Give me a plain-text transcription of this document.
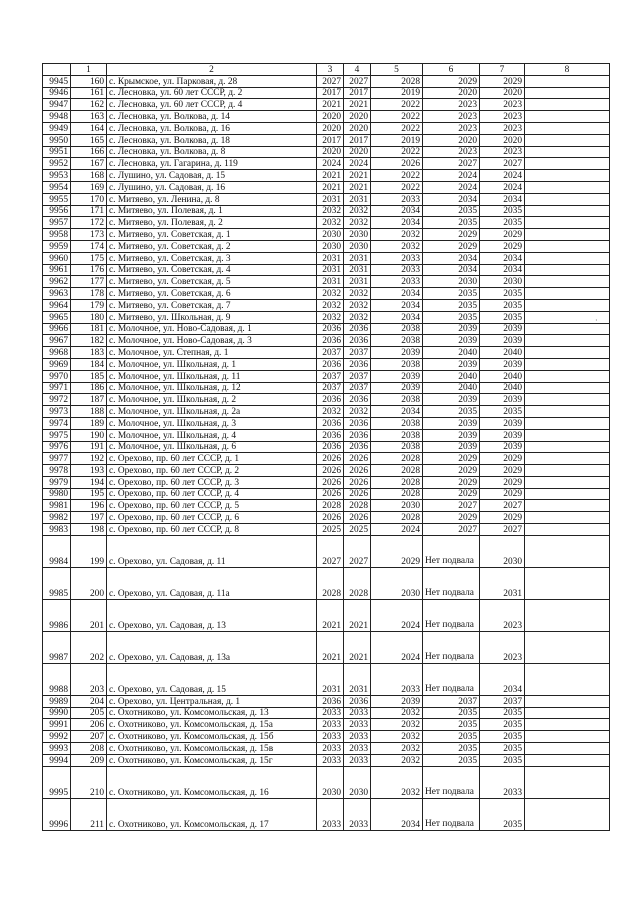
	1	2	3	4	5	6	7	8
9945	160	с. Крымское, ул. Парковая, д. 28	2027	2027	2028	2029	2029	
9946	161	с. Лесновка, ул. 60 лет СССР, д. 2	2017	2017	2019	2020	2020	
9947	162	с. Лесновка, ул. 60 лет СССР, д. 4	2021	2021	2022	2023	2023	
9948	163	с. Лесновка, ул. Волкова, д. 14	2020	2020	2022	2023	2023	
9949	164	с. Лесновка, ул. Волкова, д. 16	2020	2020	2022	2023	2023	
9950	165	с. Лесновка, ул. Волкова, д. 18	2017	2017	2019	2020	2020	
9951	166	с. Лесновка, ул. Волкова, д. 8	2020	2020	2022	2023	2023	
9952	167	с. Лесновка, ул. Гагарина, д. 119	2024	2024	2026	2027	2027	
9953	168	с. Лушино, ул. Садовая, д. 15	2021	2021	2022	2024	2024	
9954	169	с. Лушино, ул. Садовая, д. 16	2021	2021	2022	2024	2024	
9955	170	с. Митяево, ул. Ленина, д. 8	2031	2031	2033	2034	2034	
9956	171	с. Митяево, ул. Полевая, д. 1	2032	2032	2034	2035	2035	
9957	172	с. Митяево, ул. Полевая, д. 2	2032	2032	2034	2035	2035	
9958	173	с. Митяево, ул. Советская, д. 1	2030	2030	2032	2029	2029	
9959	174	с. Митяево, ул. Советская, д. 2	2030	2030	2032	2029	2029	
9960	175	с. Митяево, ул. Советская, д. 3	2031	2031	2033	2034	2034	
9961	176	с. Митяево, ул. Советская, д. 4	2031	2031	2033	2034	2034	
9962	177	с. Митяево, ул. Советская, д. 5	2031	2031	2033	2030	2030	
9963	178	с. Митяево, ул. Советская, д. 6	2032	2032	2034	2035	2035	
9964	179	с. Митяево, ул. Советская, д. 7	2032	2032	2034	2035	2035	
9965	180	с. Митяево, ул. Школьная, д. 9	2032	2032	2034	2035	2035	
9966	181	с. Молочное, ул. Ново-Садовая, д. 1	2036	2036	2038	2039	2039	
9967	182	с. Молочное, ул. Ново-Садовая, д. 3	2036	2036	2038	2039	2039	
9968	183	с. Молочное, ул. Степная, д. 1	2037	2037	2039	2040	2040	
9969	184	с. Молочное, ул. Школьная, д. 1	2036	2036	2038	2039	2039	
9970	185	с. Молочное, ул. Школьная, д. 11	2037	2037	2039	2040	2040	
9971	186	с. Молочное, ул. Школьная, д. 12	2037	2037	2039	2040	2040	
9972	187	с. Молочное, ул. Школьная, д. 2	2036	2036	2038	2039	2039	
9973	188	с. Молочное, ул. Школьная, д. 2а	2032	2032	2034	2035	2035	
9974	189	с. Молочное, ул. Школьная, д. 3	2036	2036	2038	2039	2039	
9975	190	с. Молочное, ул. Школьная, д. 4	2036	2036	2038	2039	2039	
9976	191	с. Молочное, ул. Школьная, д. 6	2036	2036	2038	2039	2039	
9977	192	с. Орехово, пр. 60 лет СССР, д. 1	2026	2026	2028	2029	2029	
9978	193	с. Орехово, пр. 60 лет СССР, д. 2	2026	2026	2028	2029	2029	
9979	194	с. Орехово, пр. 60 лет СССР, д. 3	2026	2026	2028	2029	2029	
9980	195	с. Орехово, пр. 60 лет СССР, д. 4	2026	2026	2028	2029	2029	
9981	196	с. Орехово, пр. 60 лет СССР, д. 5	2028	2028	2030	2027	2027	
9982	197	с. Орехово, пр. 60 лет СССР, д. 6	2026	2026	2028	2029	2029	
9983	198	с. Орехово, пр. 60 лет СССР, д. 8	2025	2025	2024	2027	2027	
9984	199	с. Орехово, ул. Садовая, д. 11	2027	2027	2029	Нет подвала	2030	
9985	200	с. Орехово, ул. Садовая, д. 11а	2028	2028	2030	Нет подвала	2031	
9986	201	с. Орехово, ул. Садовая, д. 13	2021	2021	2024	Нет подвала	2023	
9987	202	с. Орехово, ул. Садовая, д. 13а	2021	2021	2024	Нет подвала	2023	
9988	203	с. Орехово, ул. Садовая, д. 15	2031	2031	2033	Нет подвала	2034	
9989	204	с. Орехово, ул. Центральная, д. 1	2036	2036	2039	2037	2037	
9990	205	с. Охотниково, ул. Комсомольская, д. 13	2033	2033	2032	2035	2035	
9991	206	с. Охотниково, ул. Комсомольская, д. 15а	2033	2033	2032	2035	2035	
9992	207	с. Охотниково, ул. Комсомольская, д. 15б	2033	2033	2032	2035	2035	
9993	208	с. Охотниково, ул. Комсомольская, д. 15в	2033	2033	2032	2035	2035	
9994	209	с. Охотниково, ул. Комсомольская, д. 15г	2033	2033	2032	2035	2035	
9995	210	с. Охотниково, ул. Комсомольская, д. 16	2030	2030	2032	Нет подвала	2033	
9996	211	с. Охотниково, ул. Комсомольская, д. 17	2033	2033	2034	Нет подвала	2035	
·
